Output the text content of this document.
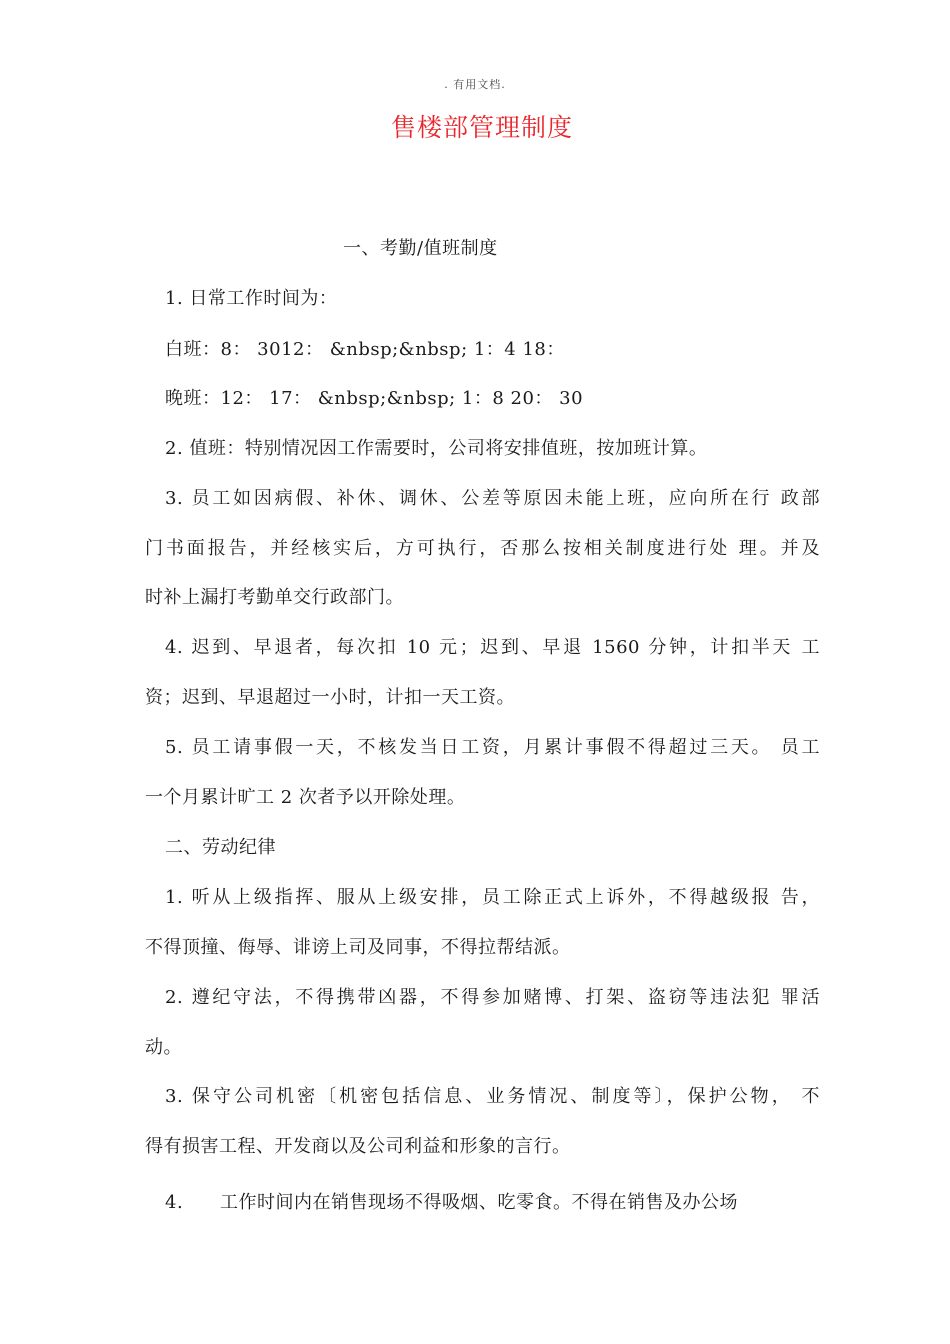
. 有用文档.
售楼部管理制度
一、考勤/值班制度
1. 日常工作时间为：
白班：8： 3012： &nbsp;&nbsp; 1：4 18：
晚班：12： 17： &nbsp;&nbsp; 1：8 20： 30
2. 值班：特别情况因工作需要时，公司将安排值班，按加班计算。
3. 员工如因病假、补休、调休、公差等原因未能上班，应向所在行 政部
门书面报告，并经核实后，方可执行，否那么按相关制度进行处 理。并及
时补上漏打考勤单交行政部门。
4. 迟到、早退者，每次扣 10 元；迟到、早退 1560 分钟，计扣半天 工
资；迟到、早退超过一小时，计扣一天工资。
5. 员工请事假一天，不核发当日工资，月累计事假不得超过三天。 员工
一个月累计旷工 2 次者予以开除处理。
二、劳动纪律
1. 听从上级指挥、服从上级安排，员工除正式上诉外，不得越级报 告，
不得顶撞、侮辱、诽谤上司及同事，不得拉帮结派。
2. 遵纪守法，不得携带凶器，不得参加赌博、打架、盗窃等违法犯 罪活
动。
3. 保守公司机密〔机密包括信息、业务情况、制度等〕，保护公物， 不
得有损害工程、开发商以及公司利益和形象的言行。
4.	工作时间内在销售现场不得吸烟、吃零食。不得在销售及办公场
